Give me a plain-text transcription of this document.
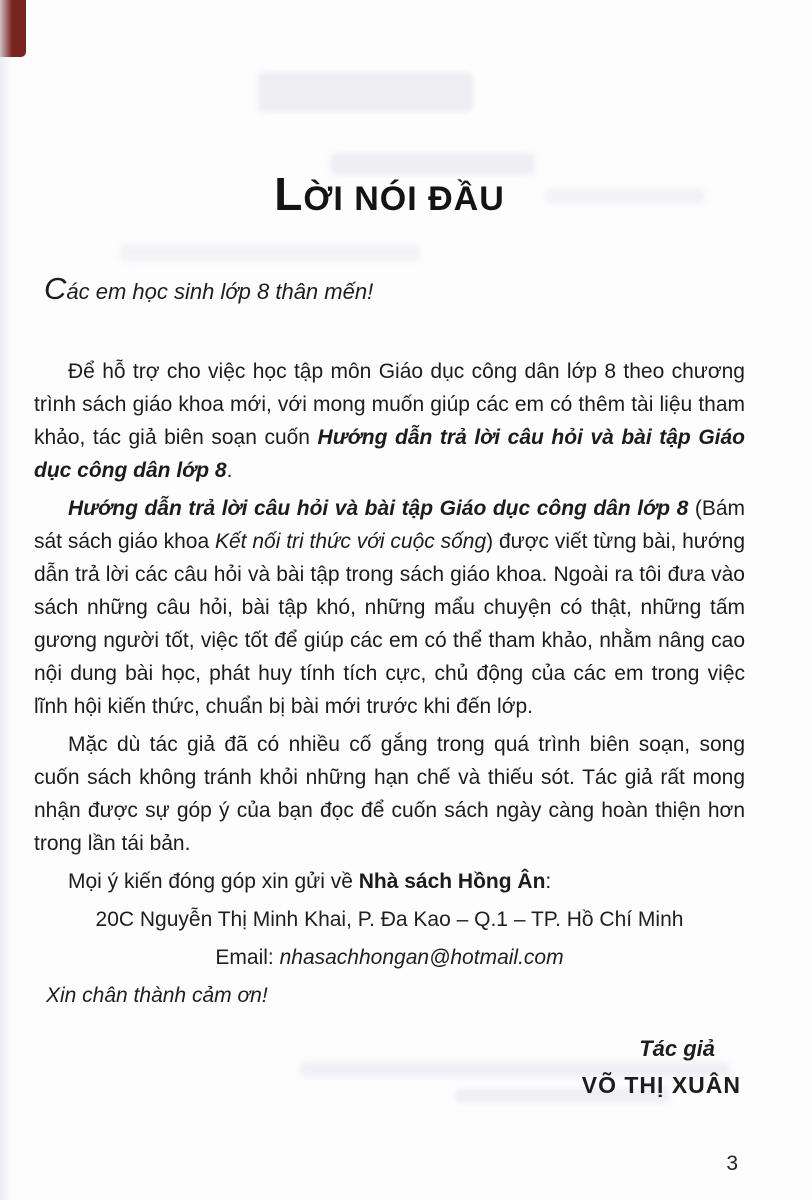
LỜI NÓI ĐẦU

Các em học sinh lớp 8 thân mến!

Để hỗ trợ cho việc học tập môn Giáo dục công dân lớp 8 theo chương trình sách giáo khoa mới, với mong muốn giúp các em có thêm tài liệu tham khảo, tác giả biên soạn cuốn Hướng dẫn trả lời câu hỏi và bài tập Giáo dục công dân lớp 8.

Hướng dẫn trả lời câu hỏi và bài tập Giáo dục công dân lớp 8 (Bám sát sách giáo khoa Kết nối tri thức với cuộc sống) được viết từng bài, hướng dẫn trả lời các câu hỏi và bài tập trong sách giáo khoa. Ngoài ra tôi đưa vào sách những câu hỏi, bài tập khó, những mẩu chuyện có thật, những tấm gương người tốt, việc tốt để giúp các em có thể tham khảo, nhằm nâng cao nội dung bài học, phát huy tính tích cực, chủ động của các em trong việc lĩnh hội kiến thức, chuẩn bị bài mới trước khi đến lớp.

Mặc dù tác giả đã có nhiều cố gắng trong quá trình biên soạn, song cuốn sách không tránh khỏi những hạn chế và thiếu sót. Tác giả rất mong nhận được sự góp ý của bạn đọc để cuốn sách ngày càng hoàn thiện hơn trong lần tái bản.

Mọi ý kiến đóng góp xin gửi về Nhà sách Hồng Ân:

20C Nguyễn Thị Minh Khai, P. Đa Kao – Q.1 – TP. Hồ Chí Minh

Email: nhasachhongan@hotmail.com

Xin chân thành cảm ơn!

Tác giả

VÕ THỊ XUÂN

3
